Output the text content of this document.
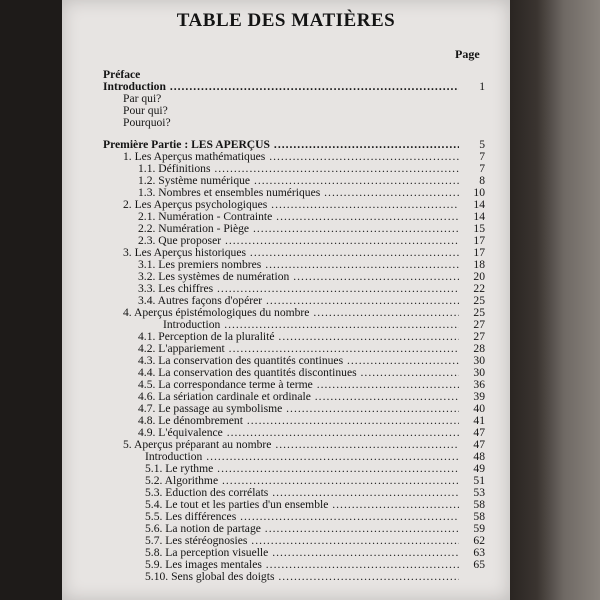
TABLE DES MATIÈRES
Page
Préface
Introduction .....	1
Par qui?
Pour qui?
Pourquoi?
Première Partie : LES APERÇUS .....	5
1. Les Aperçus mathématiques .....	7
1.1. Définitions .....	7
1.2. Système numérique .....	8
1.3. Nombres et ensembles numériques .....	10
2. Les Aperçus psychologiques .....	14
2.1. Numération - Contrainte .....	14
2.2. Numération - Piège .....	15
2.3. Que proposer .....	17
3. Les Aperçus historiques .....	17
3.1. Les premiers nombres .....	18
3.2. Les systèmes de numération .....	20
3.3. Les chiffres .....	22
3.4. Autres façons d'opérer .....	25
4. Aperçus épistémologiques du nombre .....	25
Introduction .....	27
4.1. Perception de la pluralité .....	27
4.2. L'appariement .....	28
4.3. La conservation des quantités continues .....	30
4.4. La conservation des quantités discontinues .....	30
4.5. La correspondance terme à terme .....	36
4.6. La sériation cardinale et ordinale .....	39
4.7. Le passage au symbolisme .....	40
4.8. Le dénombrement .....	41
4.9. L'équivalence .....	47
5. Aperçus préparant au nombre .....	47
Introduction .....	48
5.1. Le rythme .....	49
5.2. Algorithme .....	51
5.3. Eduction des corrélats .....	53
5.4. Le tout et les parties d'un ensemble .....	58
5.5. Les différences .....	58
5.6. La notion de partage .....	59
5.7. Les stéréognosies .....	62
5.8. La perception visuelle .....	63
5.9. Les images mentales .....	65
5.10. Sens global des doigts .....
